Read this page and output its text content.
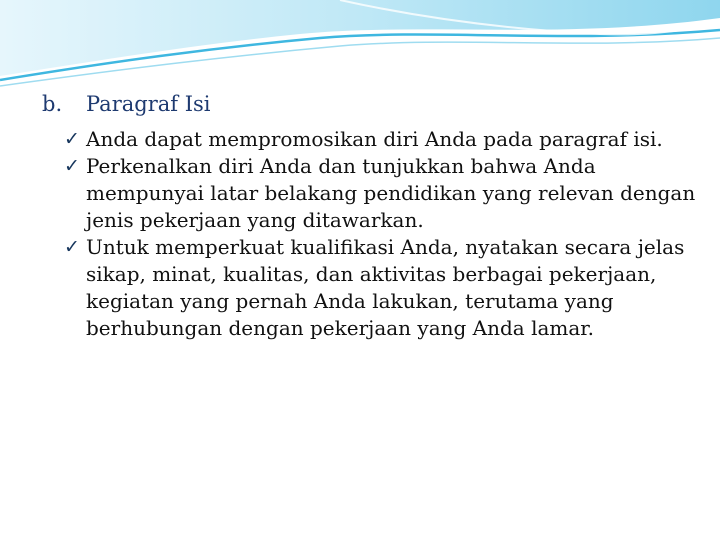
b. Paragraf Isi
✓ Anda dapat mempromosikan diri Anda pada paragraf isi.
✓ Perkenalkan diri Anda dan tunjukkan bahwa Anda mempunyai latar belakang pendidikan yang relevan dengan jenis pekerjaan yang ditawarkan.
✓ Untuk memperkuat kualifikasi Anda, nyatakan secara jelas sikap, minat, kualitas, dan aktivitas berbagai pekerjaan, kegiatan yang pernah Anda lakukan, terutama yang berhubungan dengan pekerjaan yang Anda lamar.
